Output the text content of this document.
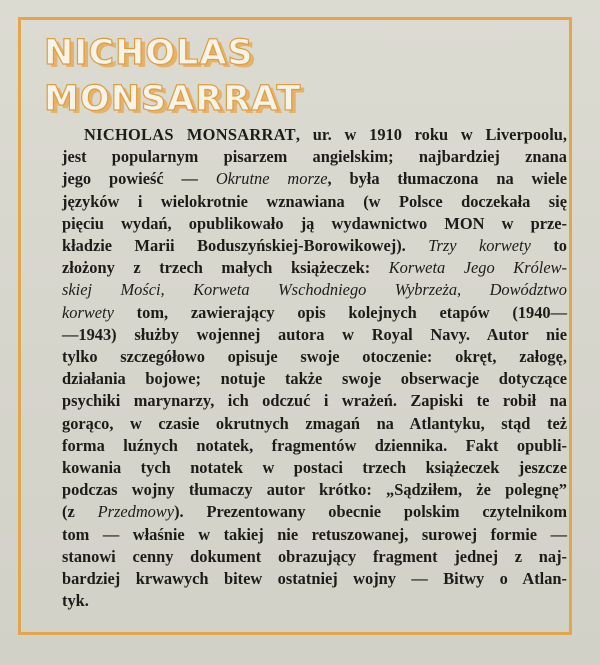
NICHOLAS
MONSARRAT

NICHOLAS MONSARRAT, ur. w 1910 roku w Liverpoolu,
jest popularnym pisarzem angielskim; najbardziej znana
jego powieść — Okrutne morze, była tłumaczona na wiele
języków i wielokrotnie wznawiana (w Polsce doczekała się
pięciu wydań, opublikowało ją wydawnictwo MON w prze-
kładzie Marii Boduszyńskiej-Borowikowej). Trzy korwety to
złożony z trzech małych książeczek: Korweta Jego Królew-
skiej Mości, Korweta Wschodniego Wybrzeża, Dowództwo
korwety tom, zawierający opis kolejnych etapów (1940—
—1943) służby wojennej autora w Royal Navy. Autor nie
tylko szczegółowo opisuje swoje otoczenie: okręt, załogę,
działania bojowe; notuje także swoje obserwacje dotyczące
psychiki marynarzy, ich odczuć i wrażeń. Zapiski te robił na
gorąco, w czasie okrutnych zmagań na Atlantyku, stąd też
forma luźnych notatek, fragmentów dziennika. Fakt opubli-
kowania tych notatek w postaci trzech książeczek jeszcze
podczas wojny tłumaczy autor krótko: „Sądziłem, że polegnę”
(z Przedmowy). Prezentowany obecnie polskim czytelnikom
tom — właśnie w takiej nie retuszowanej, surowej formie —
stanowi cenny dokument obrazujący fragment jednej z naj-
bardziej krwawych bitew ostatniej wojny — Bitwy o Atlan-
tyk.
